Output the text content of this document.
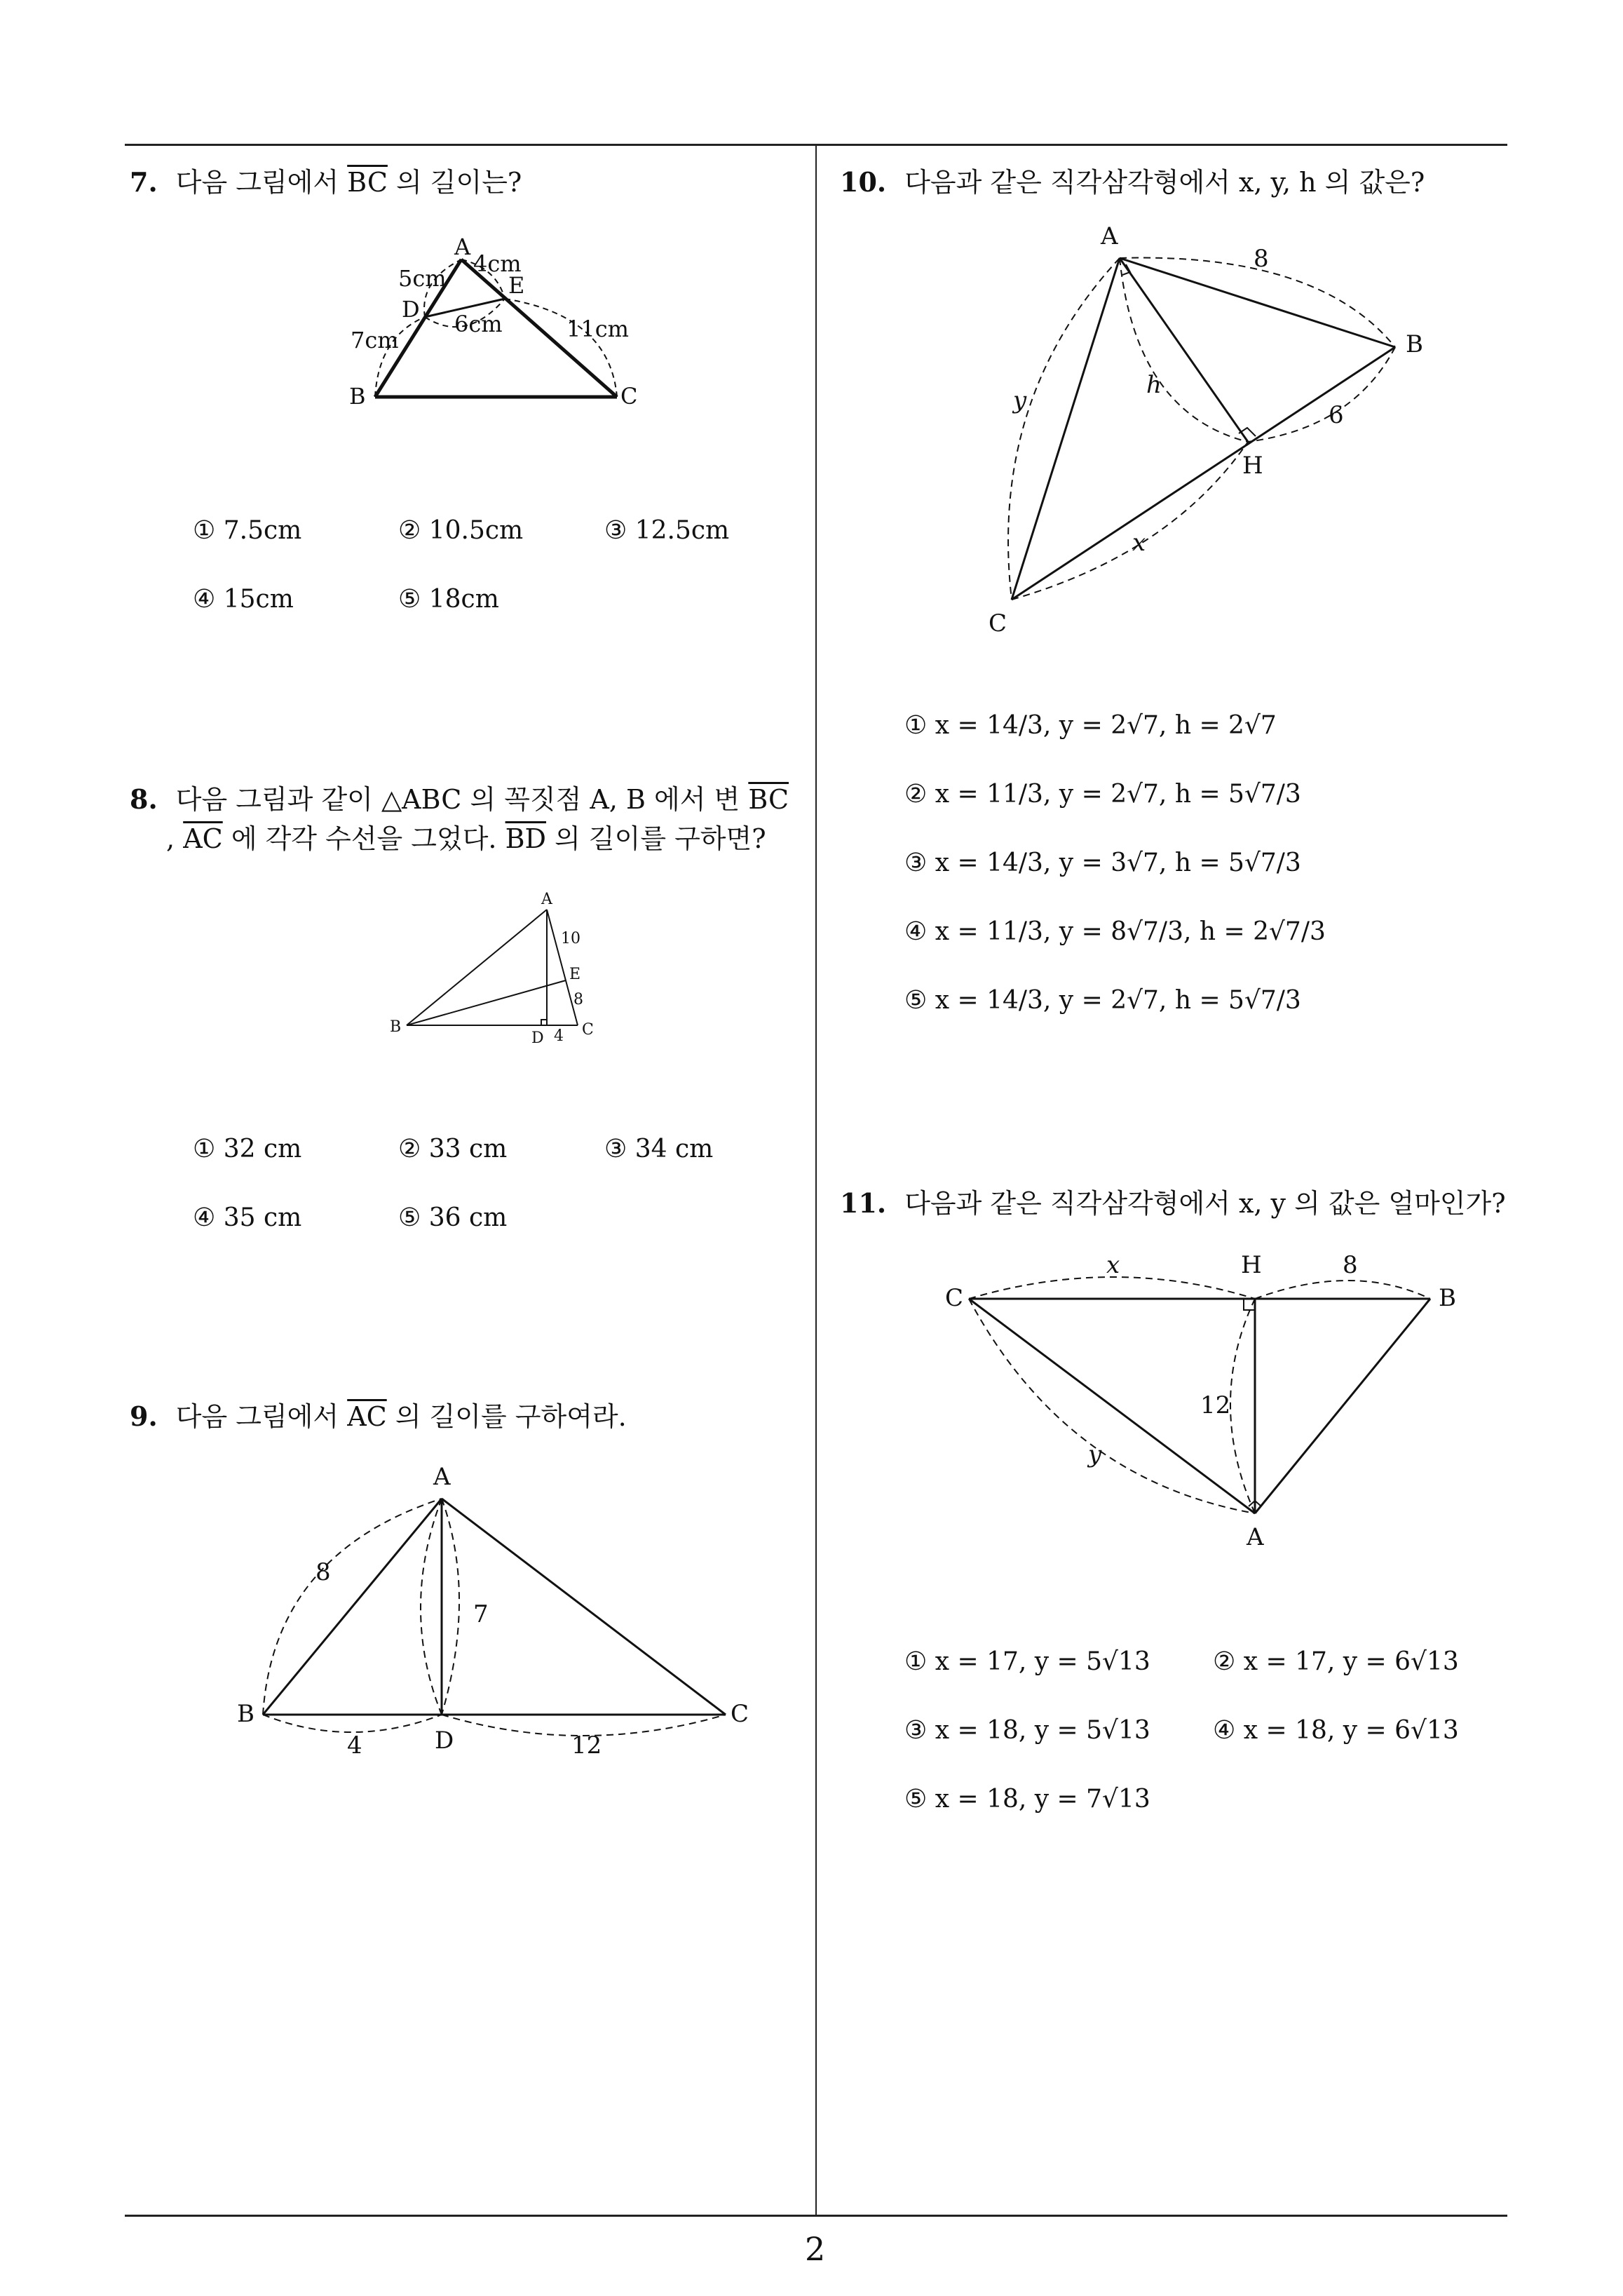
7. 다음 그림에서 $\overline{BC}$ 의 길이는?
A
B	C
D
E
5cm
4cm
6cm
7cm	11cm
① 7.5cm	② 10.5cm	③ 12.5cm
④ 15cm	⑤ 18cm
8. 다음 그림과 같이 △ABC 의 꼭짓점 A, B 에서 변 $\overline{BC}$
, $\overline{AC}$ 에 각각 수선을 그었다. $\overline{BD}$ 의 길이를 구하면?
A
B	C
D
E
10
8
4
① 32 cm	② 33 cm	③ 34 cm
④ 35 cm	⑤ 36 cm
9. 다음 그림에서 $\overline{AC}$ 의 길이를 구하여라.
A
B	C
D
8
7
4	12
10. 다음과 같은 직각삼각형에서 x, y, h 의 값은?
A
B
C
H
8
6
y
h
x
① x = 14/3, y = 2√7, h = 2√7
② x = 11/3, y = 2√7, h = 5√7/3
③ x = 14/3, y = 3√7, h = 5√7/3
④ x = 11/3, y = 8√7/3, h = 2√7/3
⑤ x = 14/3, y = 2√7, h = 5√7/3
11. 다음과 같은 직각삼각형에서 x, y 의 값은 얼마인가?
C
H
B
A
x	8
12
y
① x = 17, y = 5√13 ② x = 17, y = 6√13
③ x = 18, y = 5√13 ④ x = 18, y = 6√13
⑤ x = 18, y = 7√13
2
